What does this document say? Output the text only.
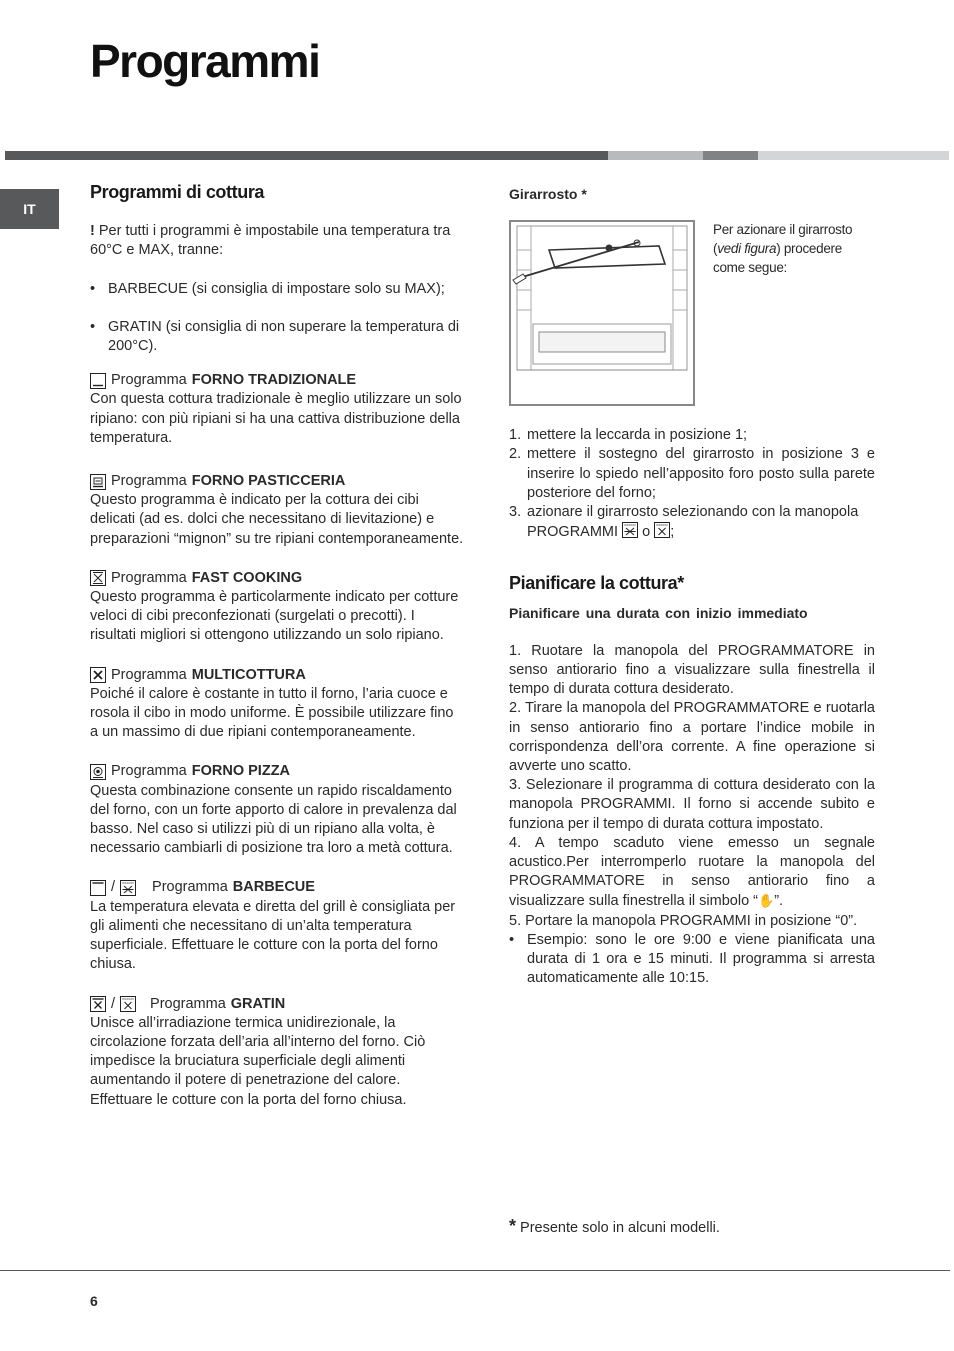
Programmi
IT
Programmi di cottura

! Per tutti i programmi è impostabile una temperatura tra 60°C e MAX, tranne:

• BARBECUE (si consiglia di impostare solo su MAX);

• GRATIN (si consiglia di non superare la temperatura di 200°C).

Programma FORNO TRADIZIONALE

Con questa cottura tradizionale è meglio utilizzare un solo ripiano: con più ripiani si ha una cattiva distribuzione della temperatura.

Programma FORNO PASTICCERIA

Questo programma è indicato per la cottura dei cibi delicati (ad es. dolci che necessitano di lievitazione) e preparazioni “mignon” su tre ripiani contemporaneamente.

Programma FAST COOKING

Questo programma è particolarmente indicato per cotture veloci di cibi preconfezionati (surgelati o precotti). I risultati migliori si ottengono utilizzando un solo ripiano.

Programma MULTICOTTURA

Poiché il calore è costante in tutto il forno, l’aria cuoce e rosola il cibo in modo uniforme. È possibile utilizzare fino a un massimo di due ripiani contemporaneamente.

Programma FORNO PIZZA

Questa combinazione consente un rapido riscaldamento del forno, con un forte apporto di calore in prevalenza dal basso. Nel caso si utilizzi più di un ripiano alla volta, è necessario cambiarli di posizione tra loro a metà cottura.

/	Programma BARBECUE

La temperatura elevata e diretta del grill è consigliata per gli alimenti che necessitano di un’alta temperatura superficiale. Effettuare le cotture con la porta del forno chiusa.

/ Programma GRATIN

Unisce all’irradiazione termica unidirezionale, la circolazione forzata dell’aria all’interno del forno. Ciò impedisce la bruciatura superficiale degli alimenti aumentando il potere di penetrazione del calore. Effettuare le cotture con la porta del forno chiusa.

Girarrosto *

Per azionare il girarrosto (vedi figura) procedere come segue:

1. mettere la leccarda in posizione 1;
2. mettere il sostegno del girarrosto in posizione 3 e inserire lo spiedo nell’apposito foro posto sulla parete posteriore del forno;
3. azionare il girarrosto selezionando con la manopola PROGRAMMI o ;
Pianificare la cottura*

Pianificare una durata con inizio immediato

1. Ruotare la manopola del PROGRAMMATORE in senso antiorario fino a visualizzare sulla finestrella il tempo di durata cottura desiderato.

2. Tirare la manopola del PROGRAMMATORE e ruotarla in senso antiorario fino a portare l’indice mobile in corrispondenza dell’ora corrente. A fine operazione si avverte uno scatto.

3. Selezionare il programma di cottura desiderato con la manopola PROGRAMMI. Il forno si accende subito e funziona per il tempo di durata cottura impostato.

4. A tempo scaduto viene emesso un segnale acustico.Per interromperlo ruotare la manopola del PROGRAMMATORE in senso antiorario fino a visualizzare sulla finestrella il simbolo “✋”.

5. Portare la manopola PROGRAMMI in posizione “0”.

• Esempio: sono le ore 9:00 e viene pianificata una durata di 1 ora e 15 minuti. Il programma si arresta automaticamente alle 10:15.

* Presente solo in alcuni modelli.
6
